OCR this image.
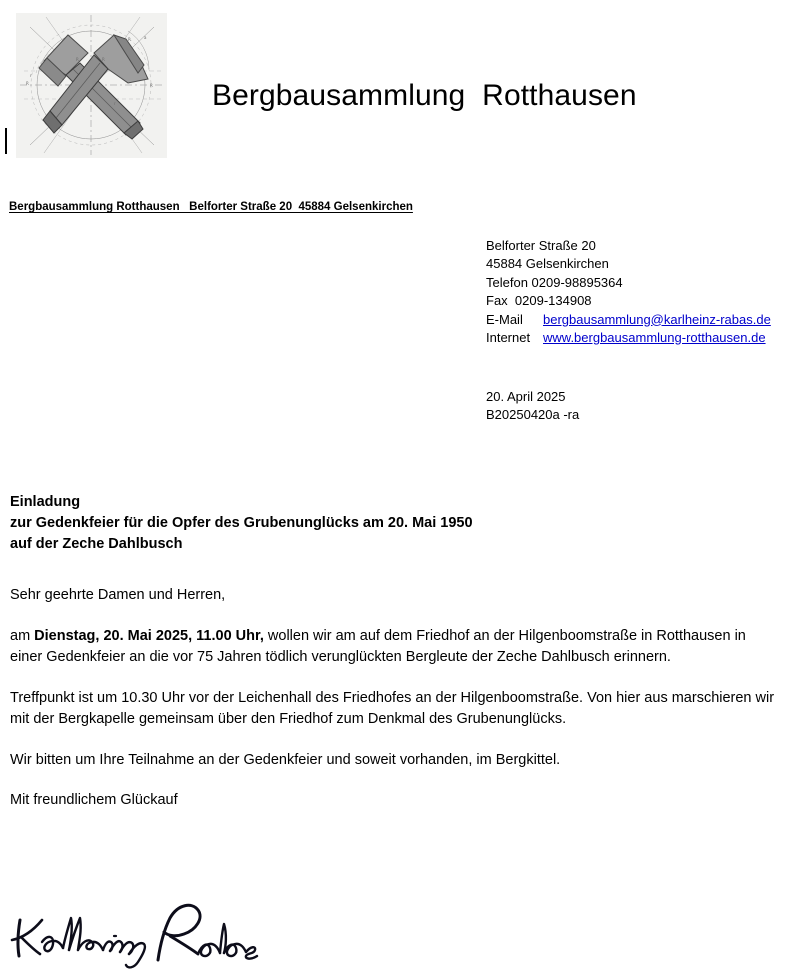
R	R
R	a
r
R	R
r	Bergbausammlung  Rotthausen
Bergbausammlung Rotthausen   Belforter Straße 20  45884 Gelsenkirchen
Belforter Straße 20
45884 Gelsenkirchen
Telefon 0209-98895364
Fax  0209-134908
E-Mail bergbausammlung@karlheinz-rabas.de
Internet www.bergbausammlung-rotthausen.de
20. April 2025
B20250420a -ra
Einladung
zur Gedenkfeier für die Opfer des Grubenunglücks am 20. Mai 1950
auf der Zeche Dahlbusch

Sehr geehrte Damen und Herren,

am Dienstag, 20. Mai 2025, 11.00 Uhr, wollen wir am auf dem Friedhof an der Hilgenboomstraße in Rotthausen in einer Gedenkfeier an die vor 75 Jahren tödlich verunglückten Bergleute der Zeche Dahlbusch erinnern.

Treffpunkt ist um 10.30 Uhr vor der Leichenhall des Friedhofes an der Hilgenboomstraße. Von hier aus marschieren wir mit der Bergkapelle gemeinsam über den Friedhof zum Denkmal des Grubenunglücks.

Wir bitten um Ihre Teilnahme an der Gedenkfeier und soweit vorhanden, im Bergkittel.

Mit freundlichem Glückauf
